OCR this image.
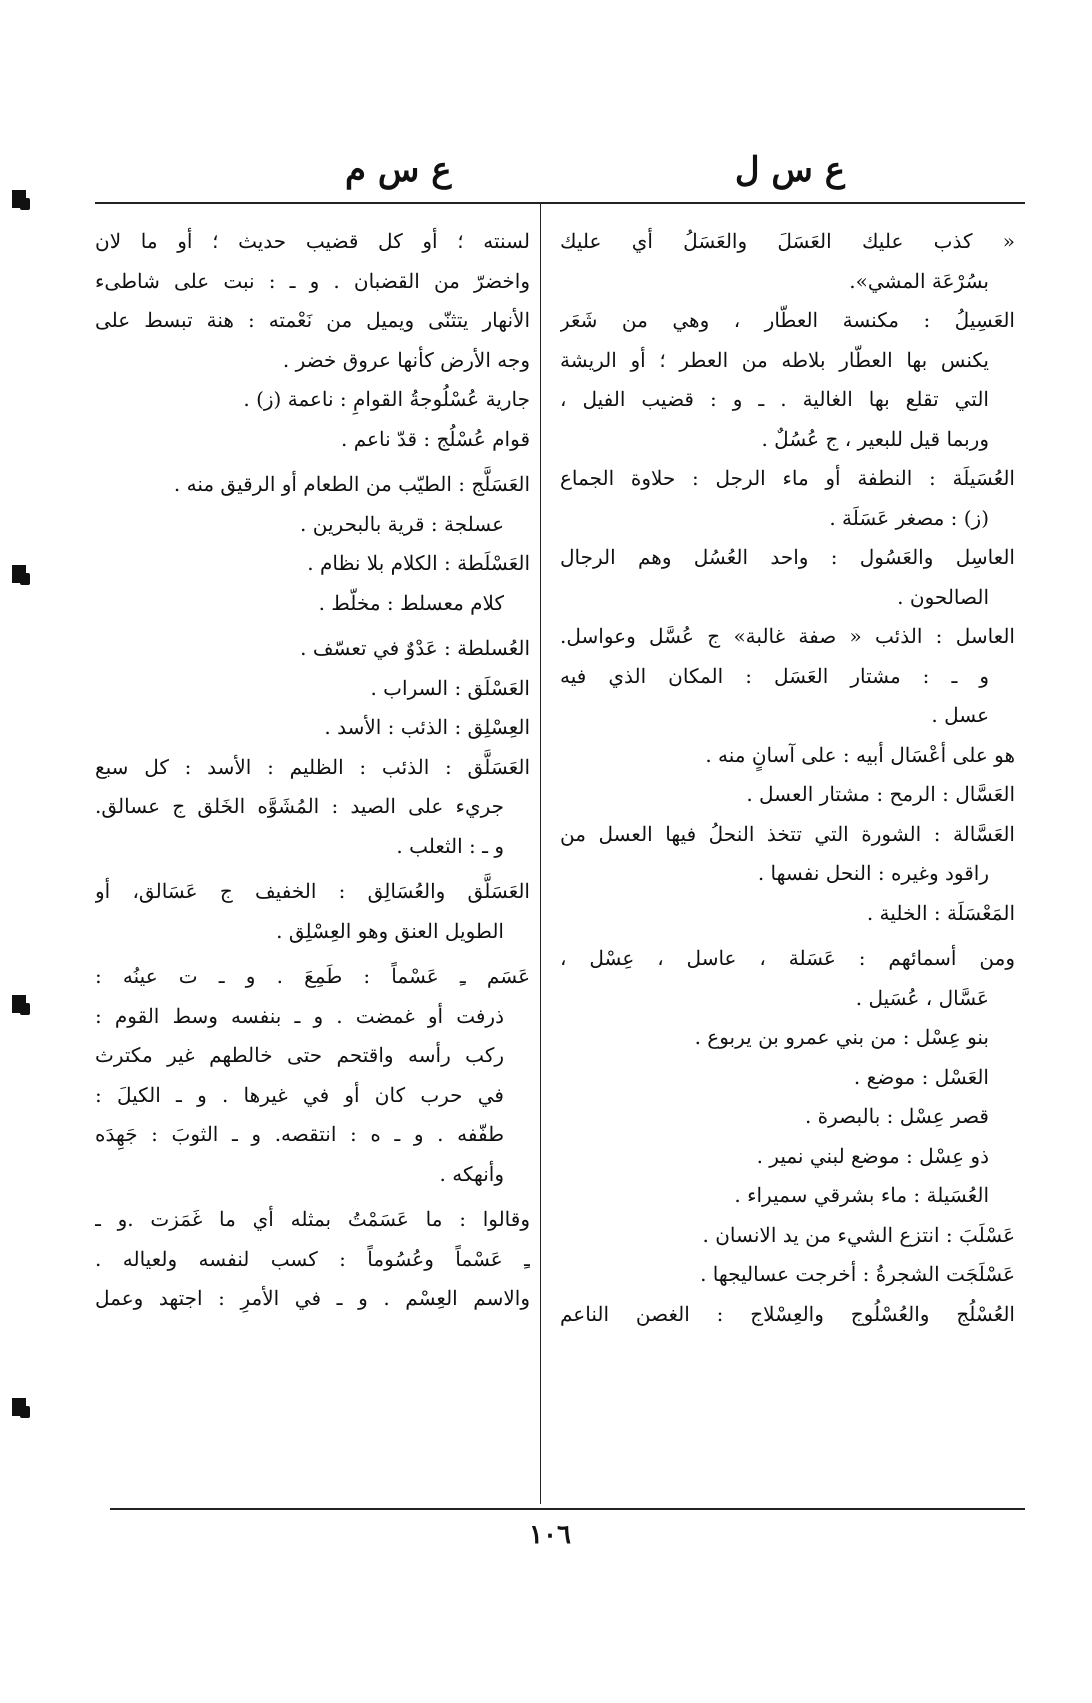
ع س ل
ع س م
« كذب عليك العَسَلَ والعَسَلُ أي عليك
بسُرْعَة المشي».
العَسِيلُ : مكنسة العطّار ، وهي من شَعَر
يكنس بها العطّار بلاطه من العطر ؛ أو الريشة
التي تقلع بها الغالية . ـ و : قضيب الفيل ،
وربما قيل للبعير ، ج عُسُلٌ .
العُسَيلَة : النطفة أو ماء الرجل : حلاوة الجماع
(ز) : مصغر عَسَلَة .
العاسِل والعَسُول : واحد العُسُل وهم الرجال
الصالحون .
العاسل : الذئب « صفة غالبة» ج عُسَّل وعواسل.
و ـ : مشتار العَسَل : المكان الذي فيه
عسل .
هو على أعْسَال أبيه : على آسانٍ منه .
العَسَّال : الرمح : مشتار العسل .
العَسَّالة : الشورة التي تتخذ النحلُ فيها العسل من
راقود وغيره : النحل نفسها .
المَعْسَلَة : الخلية .
ومن أسمائهم : عَسَلة ، عاسل ، عِسْل ،
عَسَّال ، عُسَيل .
بنو عِسْل : من بني عمرو بن يربوع .
العَسْل : موضع .
قصر عِسْل : بالبصرة .
ذو عِسْل : موضع لبني نمير .
العُسَيلة : ماء بشرقي سميراء .
عَسْلَبَ : انتزع الشيء من يد الانسان .
عَسْلَجَت الشجرةُ : أخرجت عساليجها .
العُسْلُج والعُسْلُوج والعِسْلاج : الغصن الناعم
لسنته ؛ أو كل قضيب حديث ؛ أو ما لان
واخضرّ من القضبان . و ـ : نبت على شاطىء
الأنهار يتثنّى ويميل من نَعْمته : هنة تبسط على
وجه الأرض كأنها عروق خضر .
جارية عُسْلُوجةُ القوامِ : ناعمة (ز) .
قوام عُسْلُج : قدّ ناعم .
العَسَلَّج : الطيّب من الطعام أو الرقيق منه .
عسلجة : قرية بالبحرين .
العَسْلَطة : الكلام بلا نظام .
كلام معسلط : مخلّط .
العُسلطة : عَدْوٌ في تعسّف .
العَسْلَق : السراب .
العِسْلِق : الذئب : الأسد .
العَسَلَّق : الذئب : الظليم : الأسد : كل سبع
جريء على الصيد : المُشَوَّه الخَلق ج عسالق.
و ـ : الثعلب .
العَسَلَّق والعُسَالِق : الخفيف ج عَسَالق، أو
الطويل العنق وهو العِسْلِق .
عَسَم ـِ عَسْماً : طَمِعَ . و ـ ت عينُه :
ذرفت أو غمضت . و ـ بنفسه وسط القوم :
ركب رأسه واقتحم حتى خالطهم غير مكترث
في حرب كان أو في غيرها . و ـ الكيلَ :
طفّفه . و ـ ه : انتقصه. و ـ الثوبَ : جَهِدَه
وأنهكه .
وقالوا : ما عَسَمْتُ بمثله أي ما غَمَزت .و ـ
ـِ عَسْماً وعُسُوماً : كسب لنفسه ولعياله .
والاسم العِسْم . و ـ في الأمرِ : اجتهد وعمل
١٠٦
